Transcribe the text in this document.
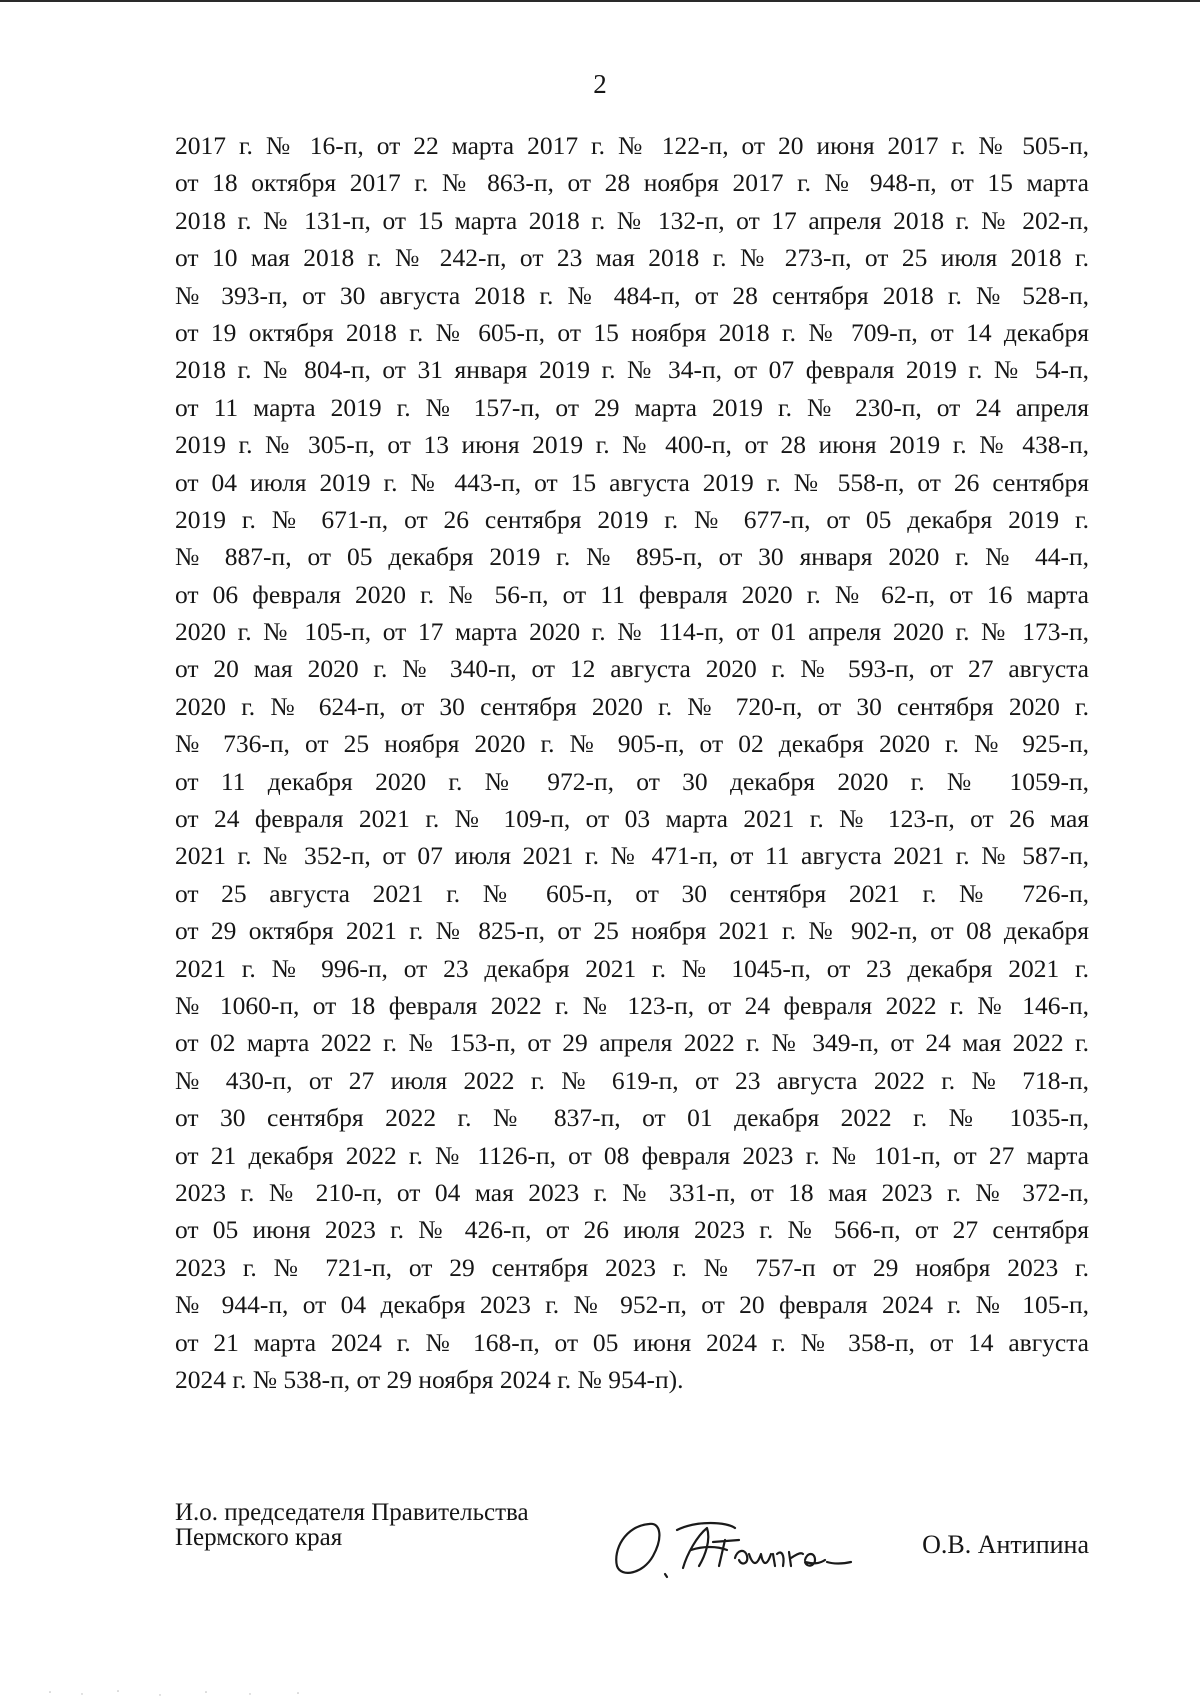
2
2017 г. № 16-п, от 22 марта 2017 г. № 122-п, от 20 июня 2017 г. № 505-п,
от 18 октября 2017 г. № 863-п, от 28 ноября 2017 г. № 948-п, от 15 марта
2018 г. № 131-п, от 15 марта 2018 г. № 132-п, от 17 апреля 2018 г. № 202-п,
от 10 мая 2018 г. № 242-п, от 23 мая 2018 г. № 273-п, от 25 июля 2018 г.
№ 393-п, от 30 августа 2018 г. № 484-п, от 28 сентября 2018 г. № 528-п,
от 19 октября 2018 г. № 605-п, от 15 ноября 2018 г. № 709-п, от 14 декабря
2018 г. № 804-п, от 31 января 2019 г. № 34-п, от 07 февраля 2019 г. № 54-п,
от 11 марта 2019 г. № 157-п, от 29 марта 2019 г. № 230-п, от 24 апреля
2019 г. № 305-п, от 13 июня 2019 г. № 400-п, от 28 июня 2019 г. № 438-п,
от 04 июля 2019 г. № 443-п, от 15 августа 2019 г. № 558-п, от 26 сентября
2019 г. № 671-п, от 26 сентября 2019 г. № 677-п, от 05 декабря 2019 г.
№ 887-п, от 05 декабря 2019 г. № 895-п, от 30 января 2020 г. № 44-п,
от 06 февраля 2020 г. № 56-п, от 11 февраля 2020 г. № 62-п, от 16 марта
2020 г. № 105-п, от 17 марта 2020 г. № 114-п, от 01 апреля 2020 г. № 173-п,
от 20 мая 2020 г. № 340-п, от 12 августа 2020 г. № 593-п, от 27 августа
2020 г. № 624-п, от 30 сентября 2020 г. № 720-п, от 30 сентября 2020 г.
№ 736-п, от 25 ноября 2020 г. № 905-п, от 02 декабря 2020 г. № 925-п,
от 11 декабря 2020 г. № 972-п, от 30 декабря 2020 г. № 1059-п,
от 24 февраля 2021 г. № 109-п, от 03 марта 2021 г. № 123-п, от 26 мая
2021 г. № 352-п, от 07 июля 2021 г. № 471-п, от 11 августа 2021 г. № 587-п,
от 25 августа 2021 г. № 605-п, от 30 сентября 2021 г. № 726-п,
от 29 октября 2021 г. № 825-п, от 25 ноября 2021 г. № 902-п, от 08 декабря
2021 г. № 996-п, от 23 декабря 2021 г. № 1045-п, от 23 декабря 2021 г.
№ 1060-п, от 18 февраля 2022 г. № 123-п, от 24 февраля 2022 г. № 146-п,
от 02 марта 2022 г. № 153-п, от 29 апреля 2022 г. № 349-п, от 24 мая 2022 г.
№ 430-п, от 27 июля 2022 г. № 619-п, от 23 августа 2022 г. № 718-п,
от 30 сентября 2022 г. № 837-п, от 01 декабря 2022 г. № 1035-п,
от 21 декабря 2022 г. № 1126-п, от 08 февраля 2023 г. № 101-п, от 27 марта
2023 г. № 210-п, от 04 мая 2023 г. № 331-п, от 18 мая 2023 г. № 372-п,
от 05 июня 2023 г. № 426-п, от 26 июля 2023 г. № 566-п, от 27 сентября
2023 г. № 721-п, от 29 сентября 2023 г. № 757-п от 29 ноября 2023 г.
№ 944-п, от 04 декабря 2023 г. № 952-п, от 20 февраля 2024 г. № 105-п,
от 21 марта 2024 г. № 168-п, от 05 июня 2024 г. № 358-п, от 14 августа
2024 г. № 538-п, от 29 ноября 2024 г. № 954-п).
И.о. председателя Правительства
Пермского края	О.В. Антипина
